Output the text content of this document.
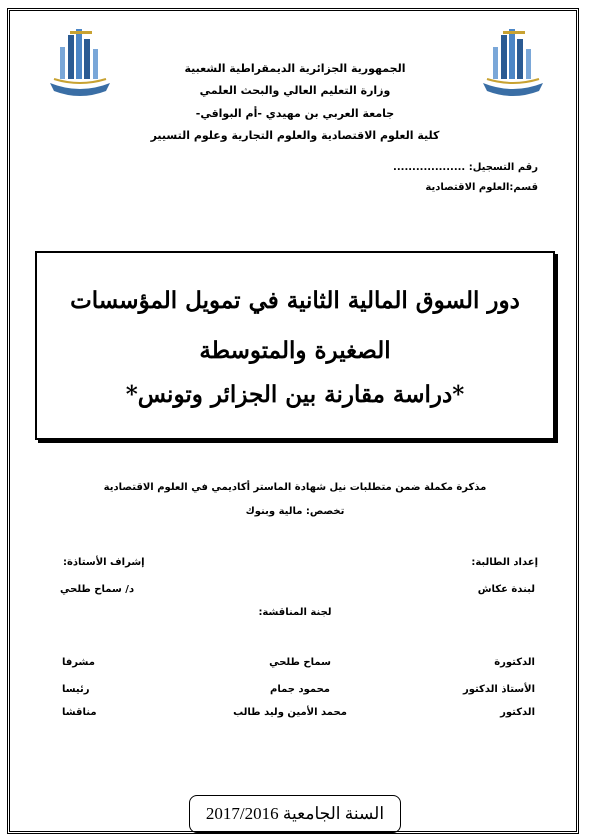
الجمهورية الجزائرية الديمقراطية الشعبية
وزارة التعليم العالي والبحث العلمي
جامعة العربي بن مهيدي -أم البواقي-
كلية العلوم الاقتصادية والعلوم التجارية وعلوم التسيير
رقم التسجيل: ...................
قسم:العلوم الاقتصادية
دور السوق المالية الثانية في تمويل المؤسسات
الصغيرة والمتوسطة
*دراسة مقارنة بين الجزائر وتونس*
مذكرة مكملة ضمن متطلبات نيل شهادة الماستر أكاديمي في العلوم الاقتصادية
تخصص: مالية وبنوك
إعداد الطالبة:
لبندة عكاش
إشراف الأستاذة:
د/ سماح طلحي
لجنة المناقشة:
الدكتورة
سماح طلحي
مشرفا
الأستاذ الدكتور
محمود جمام
رئيسا
الدكتور
محمد الأمين وليد طالب
مناقشا
السنة الجامعية 2017/2016
